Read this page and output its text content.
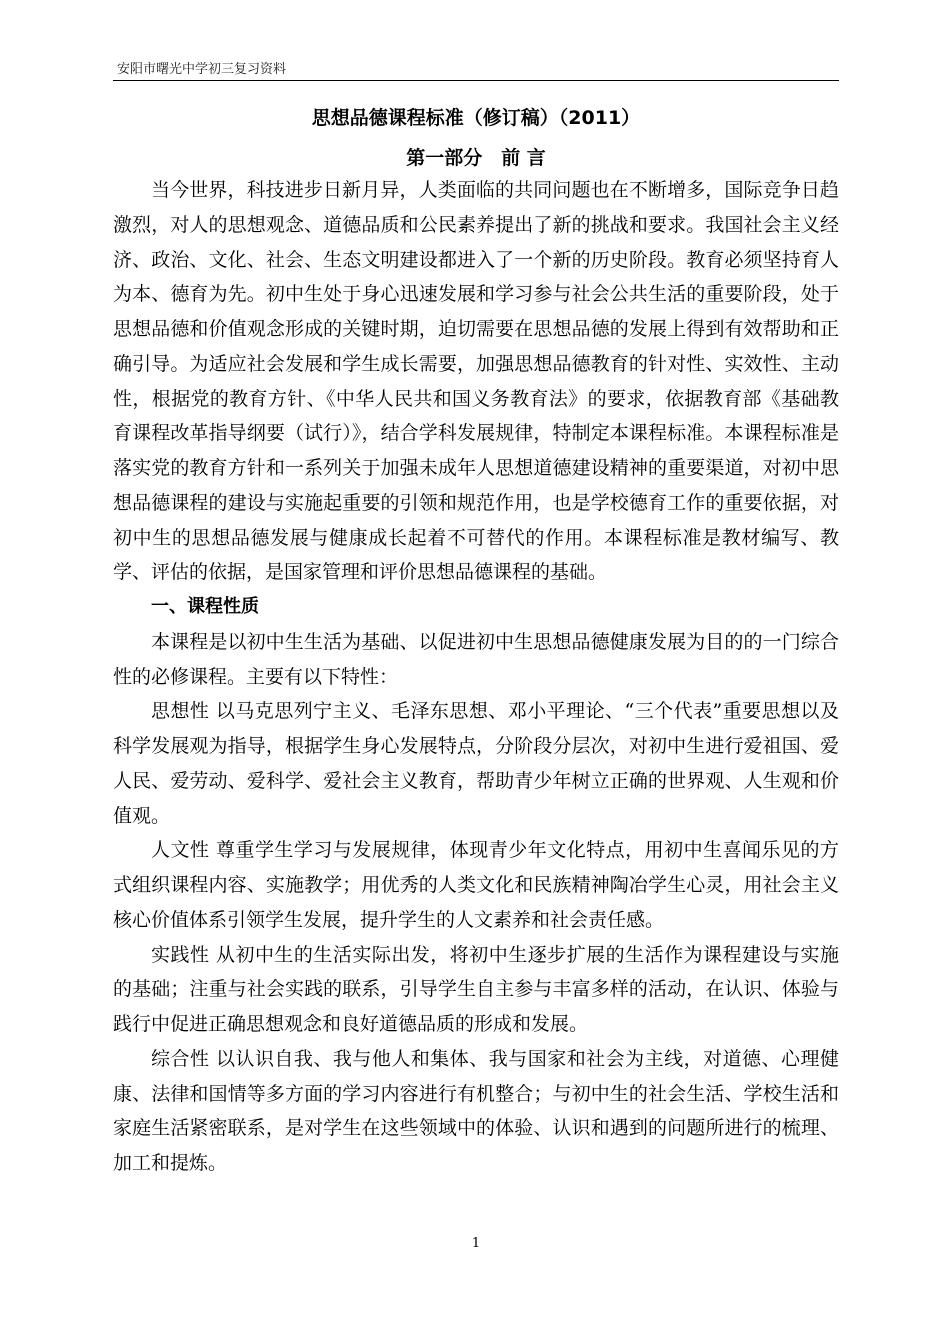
安阳市曙光中学初三复习资料
思想品德课程标准（修订稿）（2011）
第一部分　前 言

当今世界，科技进步日新月异，人类面临的共同问题也在不断增多，国际竞争日趋激烈，对人的思想观念、道德品质和公民素养提出了新的挑战和要求。我国社会主义经济、政治、文化、社会、生态文明建设都进入了一个新的历史阶段。教育必须坚持育人为本、德育为先。初中生处于身心迅速发展和学习参与社会公共生活的重要阶段，处于思想品德和价值观念形成的关键时期，迫切需要在思想品德的发展上得到有效帮助和正确引导。为适应社会发展和学生成长需要，加强思想品德教育的针对性、实效性、主动性，根据党的教育方针、《中华人民共和国义务教育法》的要求，依据教育部《基础教育课程改革指导纲要（试行）》，结合学科发展规律，特制定本课程标准。本课程标准是落实党的教育方针和一系列关于加强未成年人思想道德建设精神的重要渠道，对初中思想品德课程的建设与实施起重要的引领和规范作用，也是学校德育工作的重要依据，对初中生的思想品德发展与健康成长起着不可替代的作用。本课程标准是教材编写、教学、评估的依据，是国家管理和评价思想品德课程的基础。

一、课程性质

本课程是以初中生生活为基础、以促进初中生思想品德健康发展为目的的一门综合性的必修课程。主要有以下特性：

思想性 以马克思列宁主义、毛泽东思想、邓小平理论、“三个代表”重要思想以及科学发展观为指导，根据学生身心发展特点，分阶段分层次，对初中生进行爱祖国、爱人民、爱劳动、爱科学、爱社会主义教育，帮助青少年树立正确的世界观、人生观和价值观。

人文性 尊重学生学习与发展规律，体现青少年文化特点，用初中生喜闻乐见的方式组织课程内容、实施教学；用优秀的人类文化和民族精神陶冶学生心灵，用社会主义核心价值体系引领学生发展，提升学生的人文素养和社会责任感。

实践性 从初中生的生活实际出发，将初中生逐步扩展的生活作为课程建设与实施的基础；注重与社会实践的联系，引导学生自主参与丰富多样的活动，在认识、体验与践行中促进正确思想观念和良好道德品质的形成和发展。

综合性 以认识自我、我与他人和集体、我与国家和社会为主线，对道德、心理健康、法律和国情等多方面的学习内容进行有机整合；与初中生的社会生活、学校生活和家庭生活紧密联系，是对学生在这些领域中的体验、认识和遇到的问题所进行的梳理、加工和提炼。

1
